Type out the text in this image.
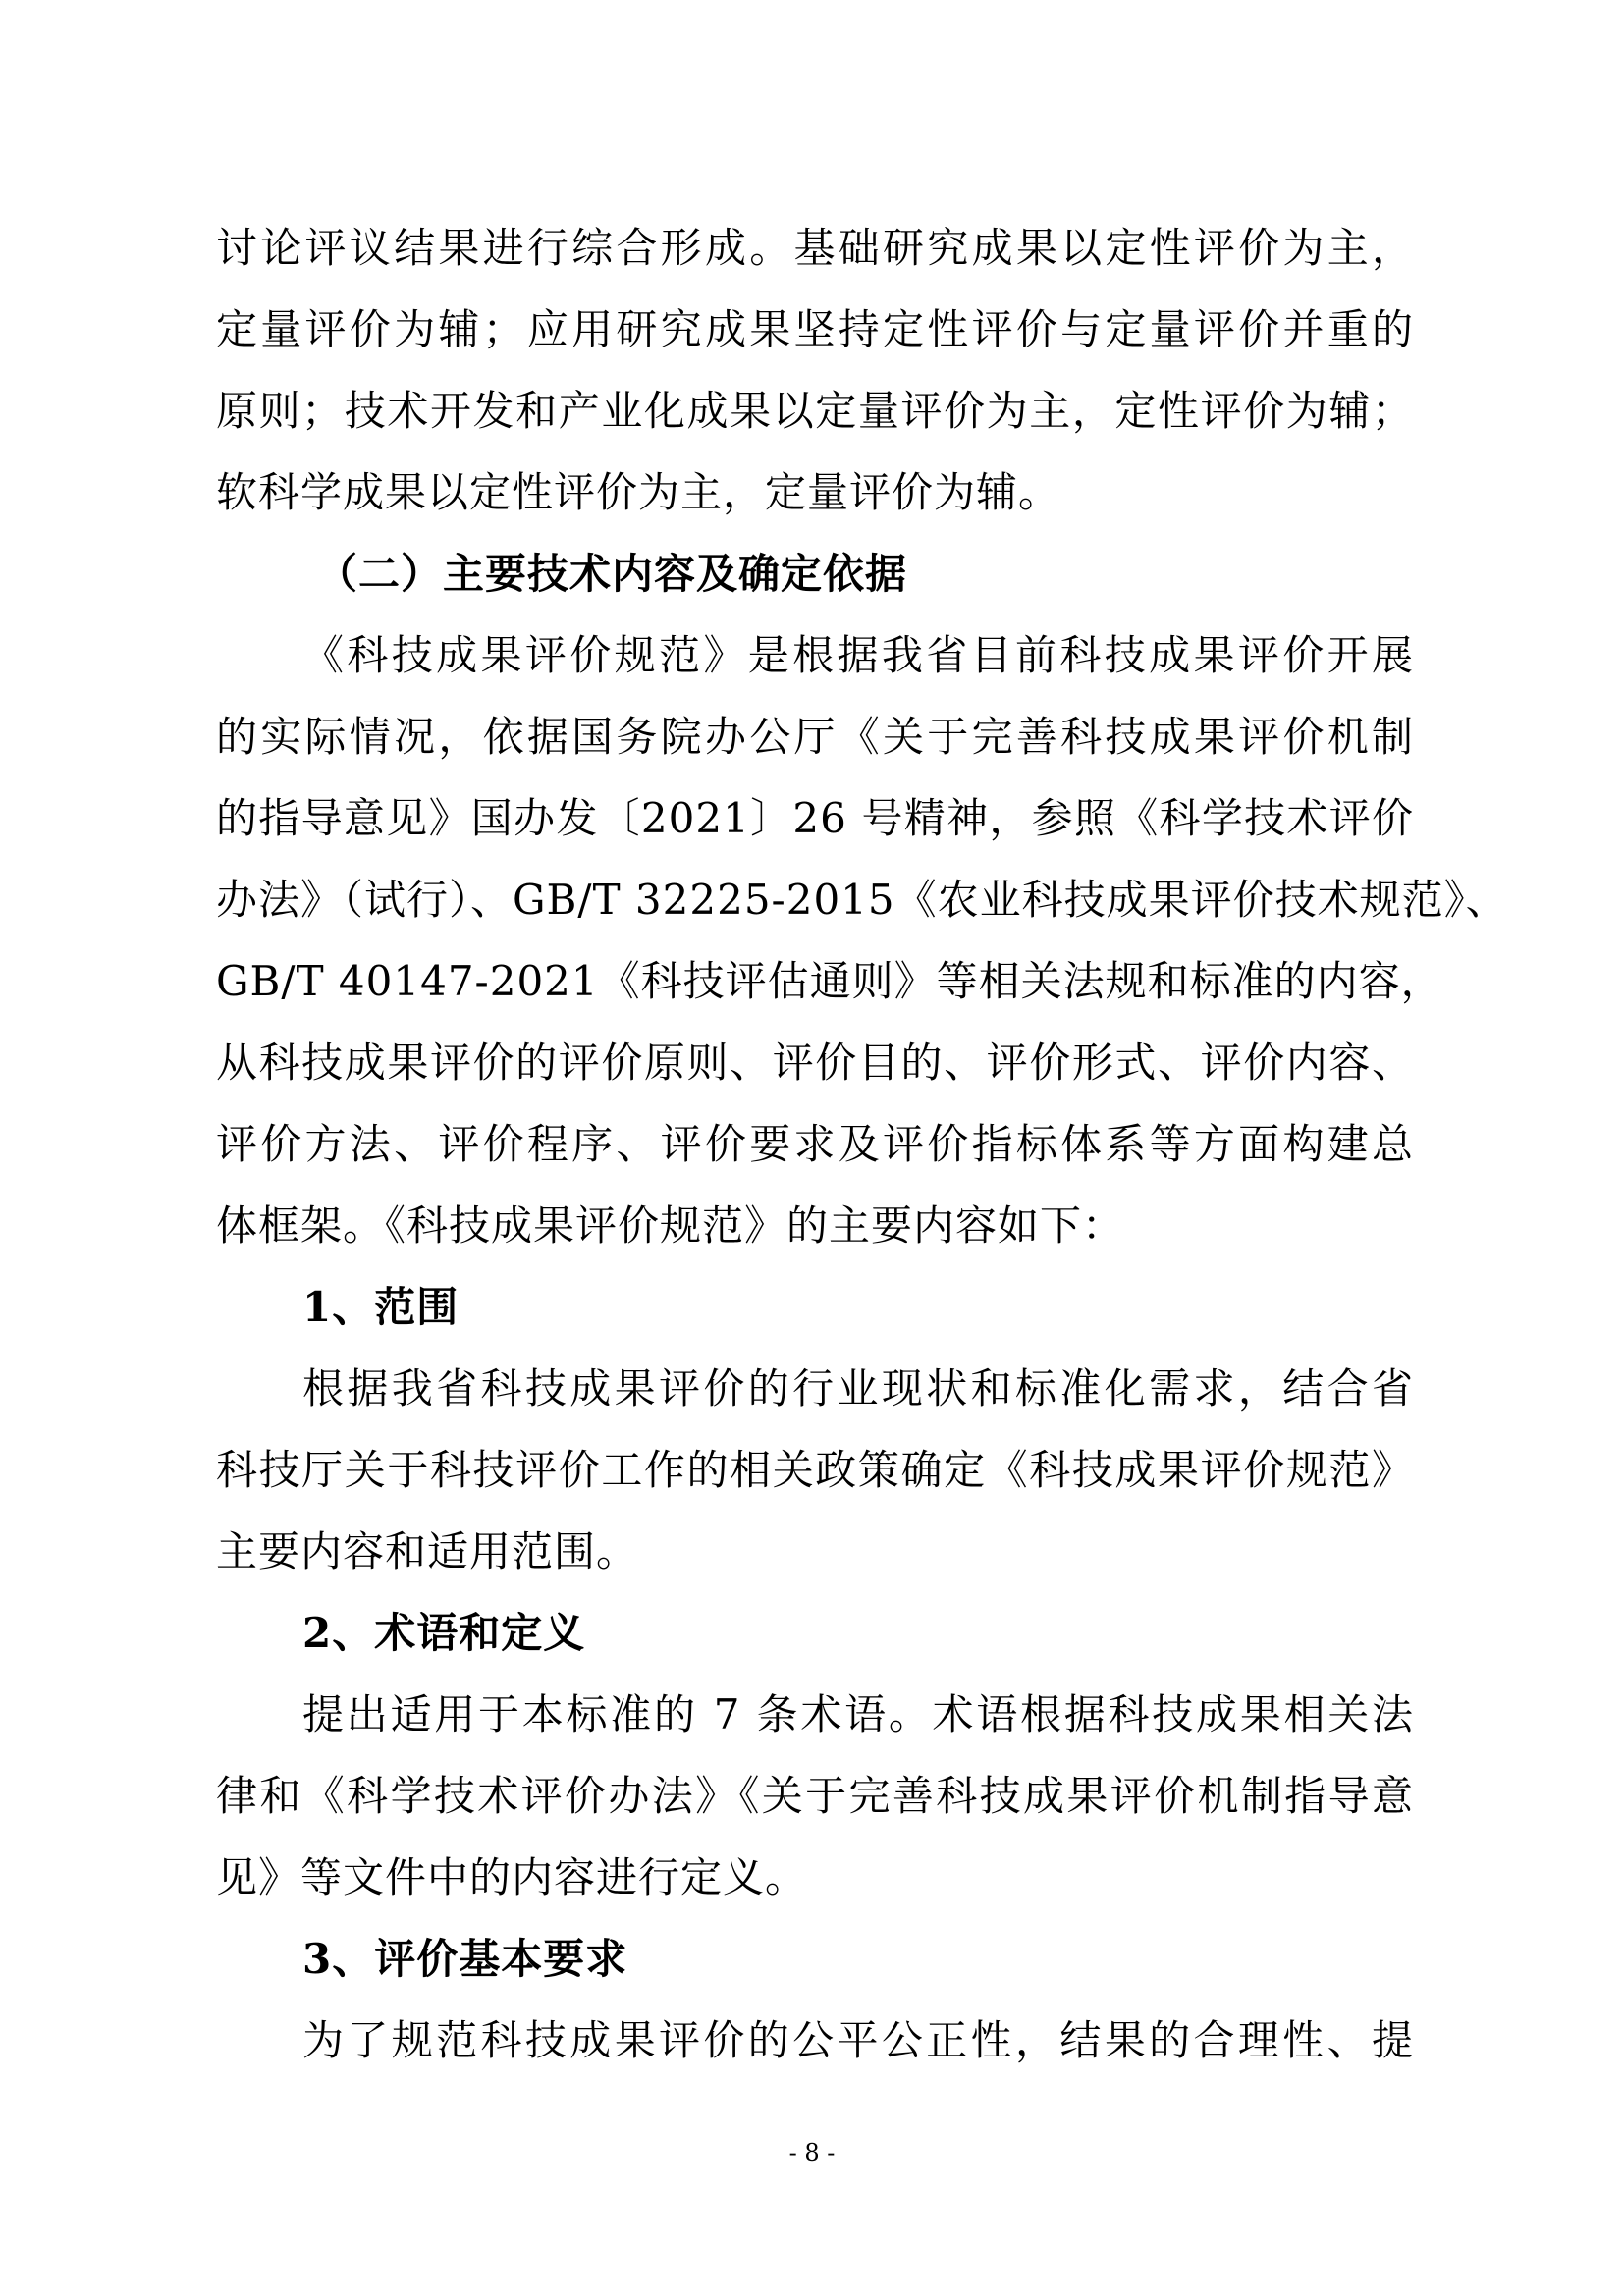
讨论评议结果进行综合形成。基础研究成果以定性评价为主，
定量评价为辅；应用研究成果坚持定性评价与定量评价并重的
原则；技术开发和产业化成果以定量评价为主，定性评价为辅；
软科学成果以定性评价为主，定量评价为辅。
（二）主要技术内容及确定依据
《科技成果评价规范》是根据我省目前科技成果评价开展
的实际情况，依据国务院办公厅《关于完善科技成果评价机制
的指导意见》国办发〔2021〕26 号精神，参照《科学技术评价
办法》（试行）、GB/T 32225-2015《农业科技成果评价技术规范》、
GB/T 40147-2021《科技评估通则》等相关法规和标准的内容，
从科技成果评价的评价原则、评价目的、评价形式、评价内容、
评价方法、评价程序、评价要求及评价指标体系等方面构建总
体框架。《科技成果评价规范》的主要内容如下：
1、范围
根据我省科技成果评价的行业现状和标准化需求，结合省
科技厅关于科技评价工作的相关政策确定《科技成果评价规范》
主要内容和适用范围。
2、术语和定义
提出适用于本标准的 7 条术语。术语根据科技成果相关法
律和《科学技术评价办法》《关于完善科技成果评价机制指导意
见》等文件中的内容进行定义。
3、评价基本要求
为了规范科技成果评价的公平公正性，结果的合理性、提
- 8 -
